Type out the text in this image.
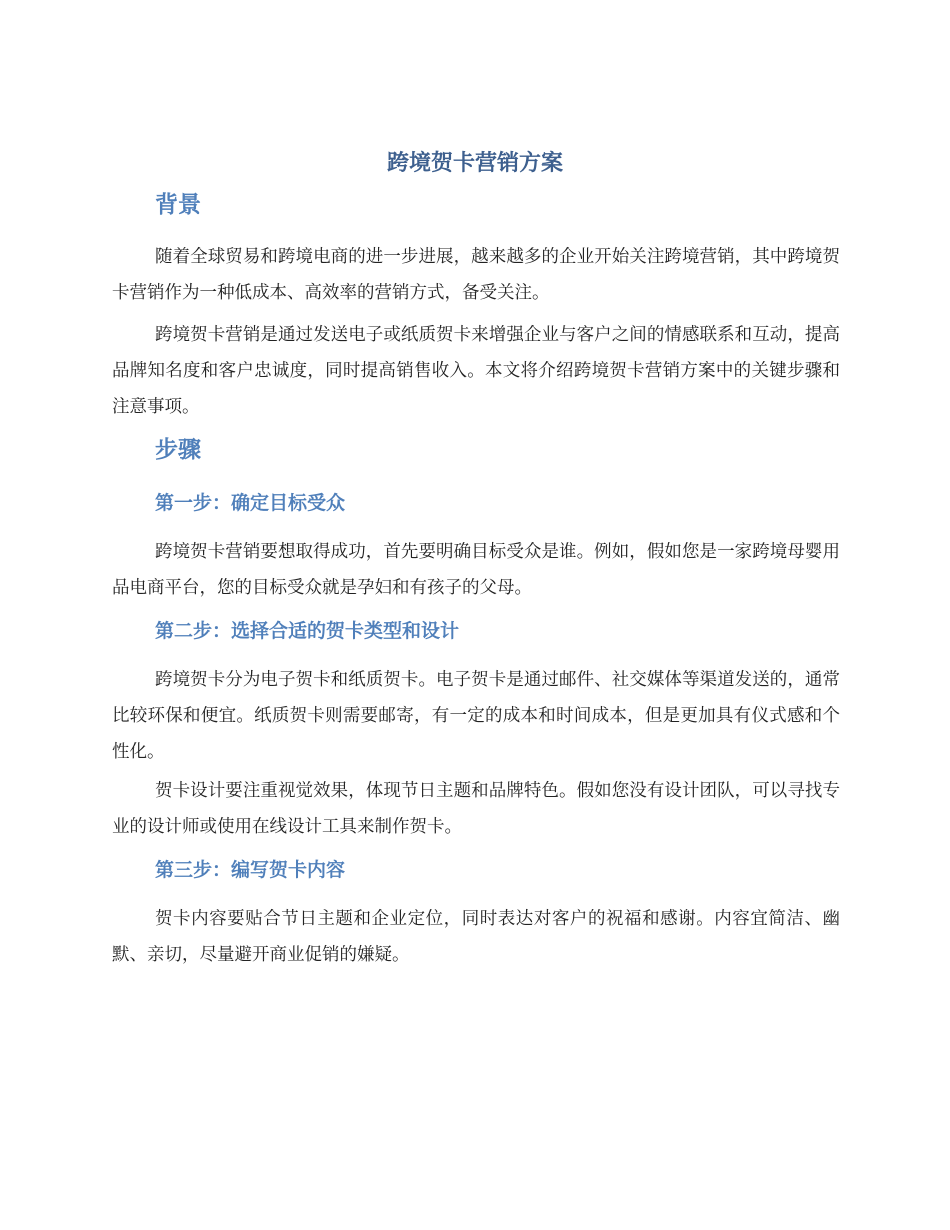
跨境贺卡营销方案
背景

随着全球贸易和跨境电商的进一步进展，越来越多的企业开始关注跨境营销，其中跨境贺卡营销作为一种低成本、高效率的营销方式，备受关注。

跨境贺卡营销是通过发送电子或纸质贺卡来增强企业与客户之间的情感联系和互动，提高品牌知名度和客户忠诚度，同时提高销售收入。本文将介绍跨境贺卡营销方案中的关键步骤和注意事项。

步骤
第一步：确定目标受众

跨境贺卡营销要想取得成功，首先要明确目标受众是谁。例如，假如您是一家跨境母婴用品电商平台，您的目标受众就是孕妇和有孩子的父母。

第二步：选择合适的贺卡类型和设计

跨境贺卡分为电子贺卡和纸质贺卡。电子贺卡是通过邮件、社交媒体等渠道发送的，通常比较环保和便宜。纸质贺卡则需要邮寄，有一定的成本和时间成本，但是更加具有仪式感和个性化。

贺卡设计要注重视觉效果，体现节日主题和品牌特色。假如您没有设计团队，可以寻找专业的设计师或使用在线设计工具来制作贺卡。

第三步：编写贺卡内容

贺卡内容要贴合节日主题和企业定位，同时表达对客户的祝福和感谢。内容宜简洁、幽默、亲切，尽量避开商业促销的嫌疑。
